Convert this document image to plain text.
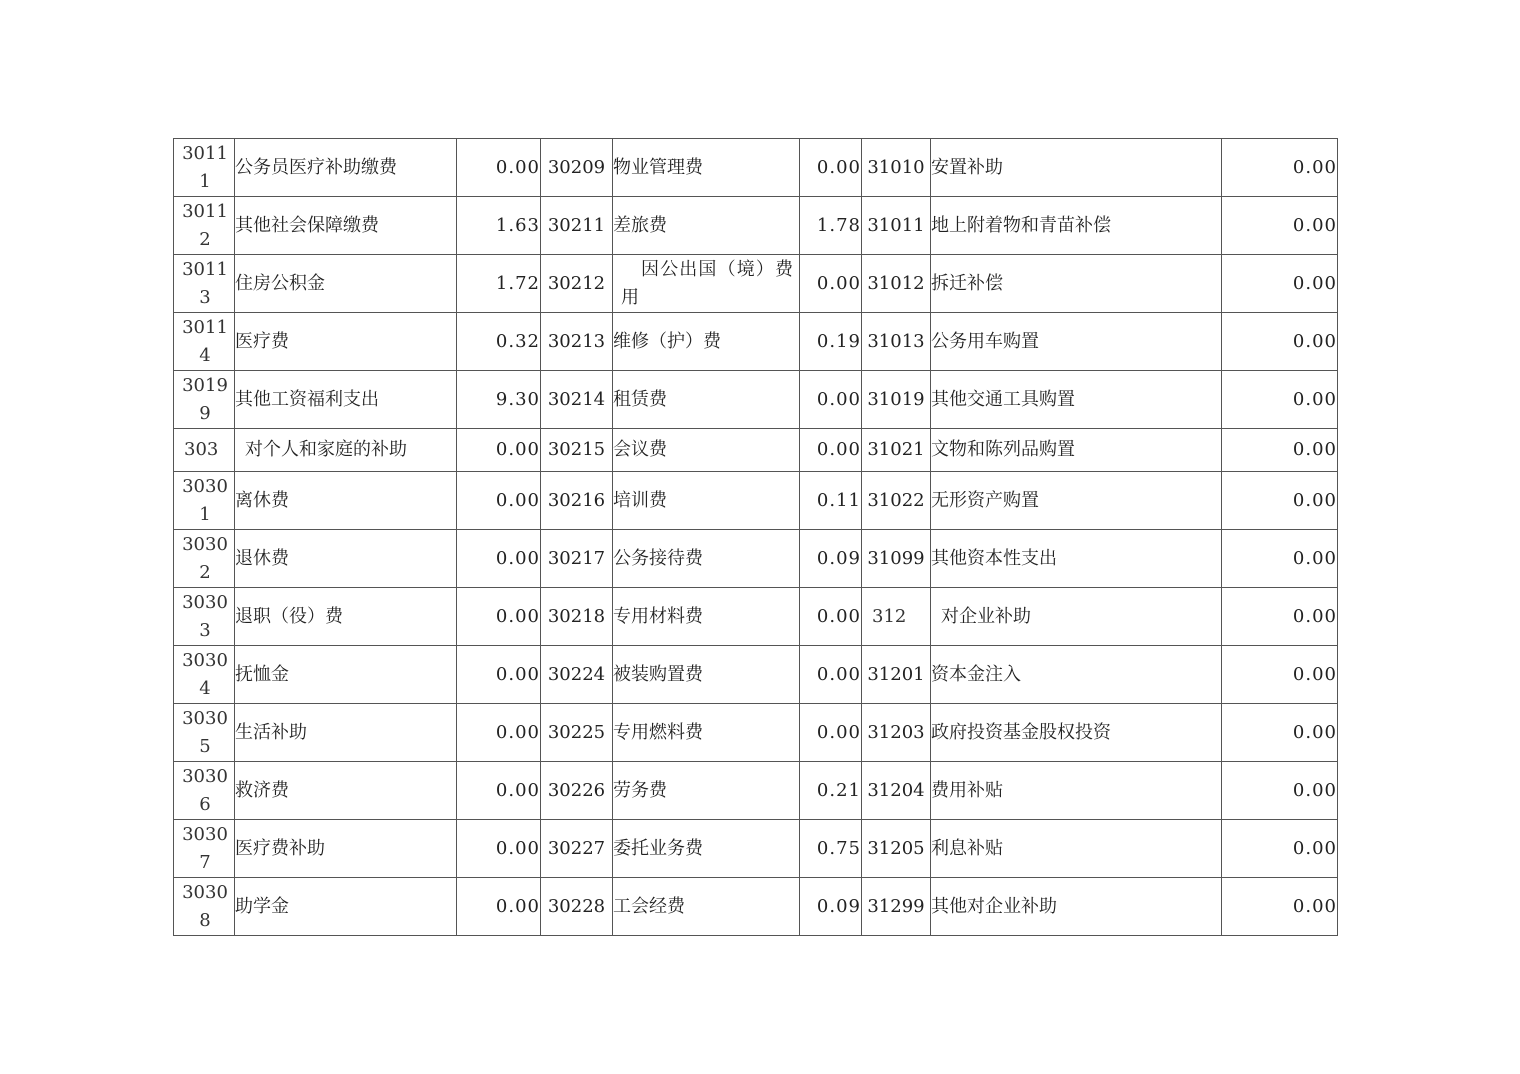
30111	公务员医疗补助缴费	0.00	30209	物业管理费	0.00	31010	安置补助	0.00
30112	其他社会保障缴费	1.63	30211	差旅费	1.78	31011	地上附着物和青苗补偿	0.00
30113	住房公积金	1.72	30212	因公出国（境）费用	0.00	31012	拆迁补偿	0.00
30114	医疗费	0.32	30213	维修（护）费	0.19	31013	公务用车购置	0.00
30199	其他工资福利支出	9.30	30214	租赁费	0.00	31019	其他交通工具购置	0.00
303	对个人和家庭的补助	0.00	30215	会议费	0.00	31021	文物和陈列品购置	0.00
30301	离休费	0.00	30216	培训费	0.11	31022	无形资产购置	0.00
30302	退休费	0.00	30217	公务接待费	0.09	31099	其他资本性支出	0.00
30303	退职（役）费	0.00	30218	专用材料费	0.00	312	对企业补助	0.00
30304	抚恤金	0.00	30224	被装购置费	0.00	31201	资本金注入	0.00
30305	生活补助	0.00	30225	专用燃料费	0.00	31203	政府投资基金股权投资	0.00
30306	救济费	0.00	30226	劳务费	0.21	31204	费用补贴	0.00
30307	医疗费补助	0.00	30227	委托业务费	0.75	31205	利息补贴	0.00
30308	助学金	0.00	30228	工会经费	0.09	31299	其他对企业补助	0.00
